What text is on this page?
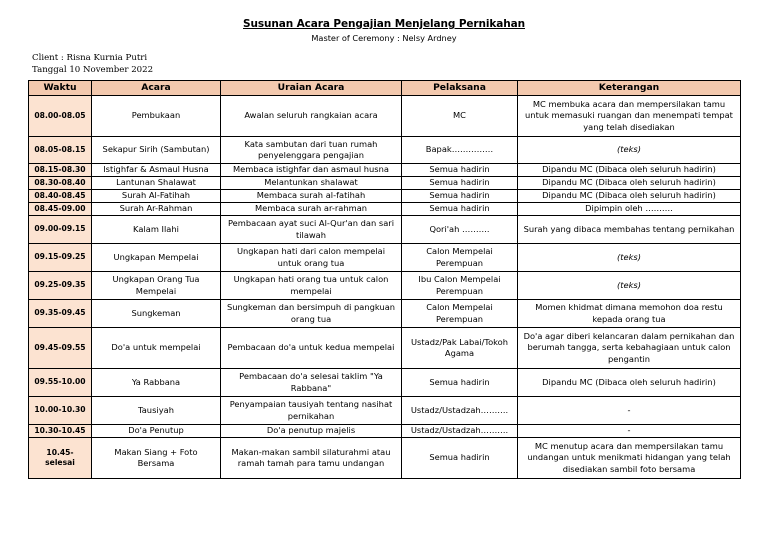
Susunan Acara Pengajian Menjelang Pernikahan
Master of Ceremony : Nelsy Ardney
Client : Risna Kurnia Putri
Tanggal 10 November 2022
Waktu	Acara	Uraian Acara	Pelaksana	Keterangan
08.00-08.05	Pembukaan	Awalan seluruh rangkaian acara	MC	MC membuka acara dan mempersilakan tamu untuk memasuki ruangan dan menempati tempat yang telah disediakan
08.05-08.15	Sekapur Sirih (Sambutan)	Kata sambutan dari tuan rumah penyelenggara pengajian	Bapak……………	(teks)
08.15-08.30	Istighfar & Asmaul Husna	Membaca istighfar dan asmaul husna	Semua hadirin	Dipandu MC (Dibaca oleh seluruh hadirin)
08.30-08.40	Lantunan Shalawat	Melantunkan shalawat	Semua hadirin	Dipandu MC (Dibaca oleh seluruh hadirin)
08.40-08.45	Surah Al-Fatihah	Membaca surah al-fatihah	Semua hadirin	Dipandu MC (Dibaca oleh seluruh hadirin)
08.45-09.00	Surah Ar-Rahman	Membaca surah ar-rahman	Semua hadirin	Dipimpin oleh ……….
09.00-09.15	Kalam Ilahi	Pembacaan ayat suci Al-Qur'an dan sari tilawah	Qori'ah ……….	Surah yang dibaca membahas tentang pernikahan
09.15-09.25	Ungkapan Mempelai	Ungkapan hati dari calon mempelai untuk orang tua	Calon Mempelai Perempuan	(teks)
09.25-09.35	Ungkapan Orang Tua Mempelai	Ungkapan hati orang tua untuk calon mempelai	Ibu Calon Mempelai Perempuan	(teks)
09.35-09.45	Sungkeman	Sungkeman dan bersimpuh di pangkuan orang tua	Calon Mempelai Perempuan	Momen khidmat dimana memohon doa restu kepada orang tua
09.45-09.55	Do'a untuk mempelai	Pembacaan do'a untuk kedua mempelai	Ustadz/Pak Labai/Tokoh Agama	Do'a agar diberi kelancaran dalam pernikahan dan berumah tangga, serta kebahagiaan untuk calon pengantin
09.55-10.00	Ya Rabbana	Pembacaan do'a selesai taklim "Ya Rabbana"	Semua hadirin	Dipandu MC (Dibaca oleh seluruh hadirin)
10.00-10.30	Tausiyah	Penyampaian tausiyah tentang nasihat pernikahan	Ustadz/Ustadzah……….	-
10.30-10.45	Do'a Penutup	Do'a penutup majelis	Ustadz/Ustadzah……….	-
10.45-selesai	Makan Siang + Foto Bersama	Makan-makan sambil silaturahmi atau ramah tamah para tamu undangan	Semua hadirin	MC menutup acara dan mempersilakan tamu undangan untuk menikmati hidangan yang telah disediakan sambil foto bersama
